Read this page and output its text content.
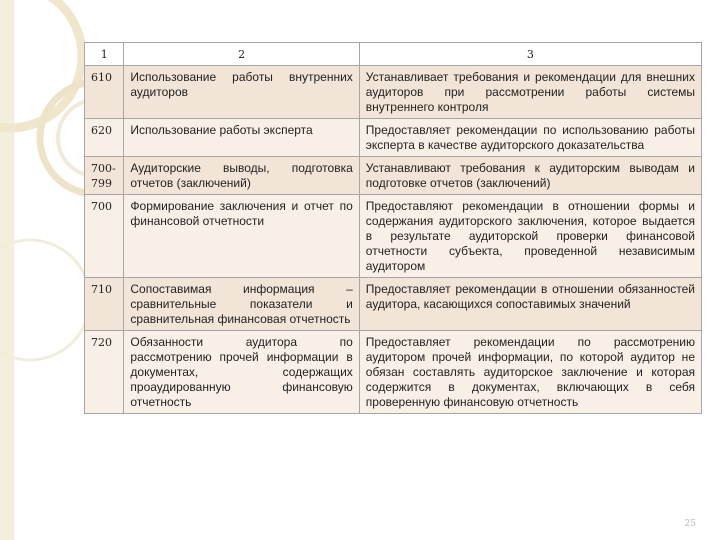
1	2	3
610	Использование работы внутренних аудиторов	Устанавливает требования и рекомендации для внешних аудиторов при рассмотрении работы системы внутреннего контроля
620	Использование работы эксперта	Предоставляет рекомендации по использованию работы эксперта в качестве аудиторского доказательства
700-799	Аудиторские выводы, подготовка отчетов (заключений)	Устанавливают требования к аудиторским выводам и подготовке отчетов (заключений)
700	Формирование заключения и отчет по финансовой отчетности	Предоставляют рекомендации в отношении формы и содержания аудиторского заключения, которое выдается в результате аудиторской проверки финансовой отчетности субъекта, проведенной независимым аудитором
710	Сопоставимая информация – сравнительные показатели и сравнительная финансовая отчетность	Предоставляет рекомендации в отношении обязанностей аудитора, касающихся сопоставимых значений
720	Обязанности аудитора по рассмотрению прочей информации в документах, содержащих проаудированную финансовую отчетность	Предоставляет рекомендации по рассмотрению аудитором прочей информации, по которой аудитор не обязан составлять аудиторское заключение и которая содержится в документах, включающих в себя проверенную финансовую отчетность
25
